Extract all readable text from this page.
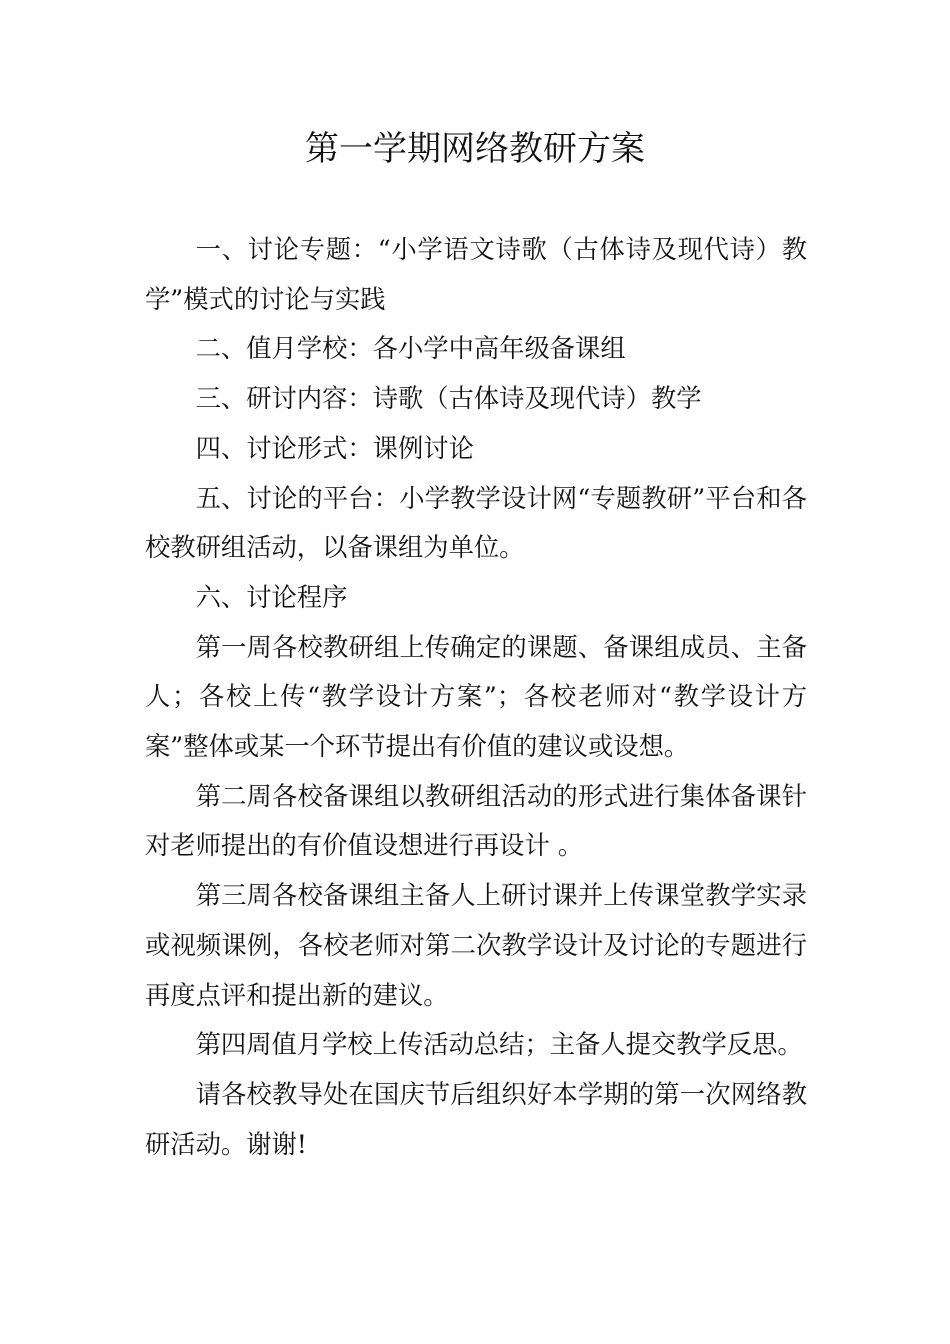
第一学期网络教研方案

一、讨论专题：“小学语文诗歌（古体诗及现代诗）教学”模式的讨论与实践

二、值月学校：各小学中高年级备课组

三、研讨内容：诗歌（古体诗及现代诗）教学

四、讨论形式：课例讨论

五、讨论的平台：小学教学设计网“专题教研”平台和各校教研组活动，以备课组为单位。

六、讨论程序

第一周各校教研组上传确定的课题、备课组成员、主备人；各校上传“教学设计方案”；各校老师对“教学设计方案”整体或某一个环节提出有价值的建议或设想。

第二周各校备课组以教研组活动的形式进行集体备课针对老师提出的有价值设想进行再设计 。

第三周各校备课组主备人上研讨课并上传课堂教学实录或视频课例，各校老师对第二次教学设计及讨论的专题进行再度点评和提出新的建议。

第四周值月学校上传活动总结；主备人提交教学反思。

请各校教导处在国庆节后组织好本学期的第一次网络教研活动。谢谢!
